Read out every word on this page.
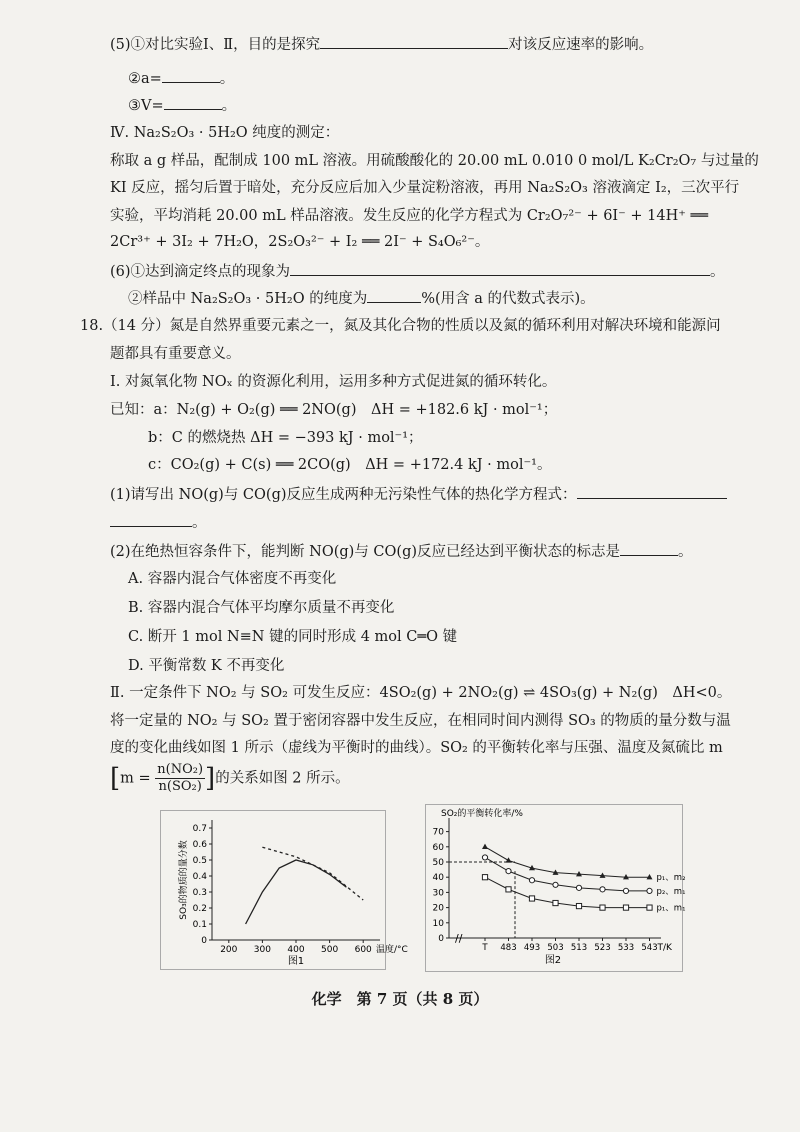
(5)①对比实验Ⅰ、Ⅱ，目的是探究	对该反应速率的影响。
②a=	。
③V=	。
Ⅳ. Na₂S₂O₃ · 5H₂O 纯度的测定：
称取 a g 样品，配制成 100 mL 溶液。用硫酸酸化的 20.00 mL 0.010 0 mol/L K₂Cr₂O₇ 与过量的
KI 反应，摇匀后置于暗处，充分反应后加入少量淀粉溶液，再用 Na₂S₂O₃ 溶液滴定 I₂，三次平行
实验，平均消耗 20.00 mL 样品溶液。发生反应的化学方程式为 Cr₂O₇²⁻ + 6I⁻ + 14H⁺ ══
2Cr³⁺ + 3I₂ + 7H₂O，2S₂O₃²⁻ + I₂ ══ 2I⁻ + S₄O₆²⁻。
(6)①达到滴定终点的现象为	。
②样品中 Na₂S₂O₃ · 5H₂O 的纯度为	%(用含 a 的代数式表示)。
18.（14 分）氮是自然界重要元素之一，氮及其化合物的性质以及氮的循环利用对解决环境和能源问
题都具有重要意义。
Ⅰ. 对氮氧化物 NOₓ 的资源化利用，运用多种方式促进氮的循环转化。
已知：a：N₂(g) + O₂(g) ══ 2NO(g)　ΔH = +182.6 kJ · mol⁻¹；
b：C 的燃烧热 ΔH = −393 kJ · mol⁻¹；
c：CO₂(g) + C(s) ══ 2CO(g)　ΔH = +172.4 kJ · mol⁻¹。
(1)请写出 NO(g)与 CO(g)反应生成两种无污染性气体的热化学方程式：
。
(2)在绝热恒容条件下，能判断 NO(g)与 CO(g)反应已经达到平衡状态的标志是	。
A. 容器内混合气体密度不再变化
B. 容器内混合气体平均摩尔质量不再变化
C. 断开 1 mol N≡N 键的同时形成 4 mol C═O 键
D. 平衡常数 K 不再变化
Ⅱ. 一定条件下 NO₂ 与 SO₂ 可发生反应：4SO₂(g) + 2NO₂(g) ⇌ 4SO₃(g) + N₂(g)　ΔH<0。
将一定量的 NO₂ 与 SO₂ 置于密闭容器中发生反应，在相同时间内测得 SO₃ 的物质的量分数与温
度的变化曲线如图 1 所示（虚线为平衡时的曲线）。SO₂ 的平衡转化率与压强、温度及氮硫比 m
[$m = \frac{\text{n(NO₂)}}{\text{n(SO₂)}}$ ]的关系如图 2 所示。
0
0.1
0.2
0.3
0.4
0.5
0.6
0.7
200 300 400 500 600 温度/°C
SO₃的物质的量分数
图1
SO₂的平衡转化率/%
0
10
20
30
40
50
60
70
//
T 483 493 503 513 523 533 543 T/K
图2
p₁、m₂
p₂、m₁
p₁、m₁
化学　第 7 页（共 8 页）
